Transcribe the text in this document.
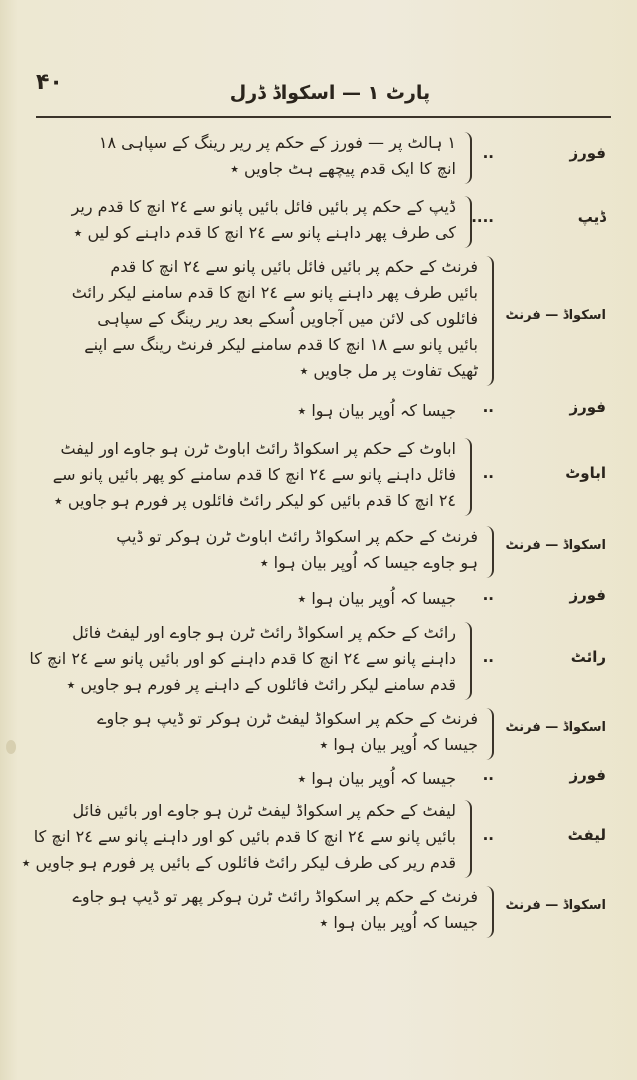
۴۰	پارٹ ١ — اسکواڈ ڈرل
فورز
..
١ ہالٹ پر — فورز کے حکم پر ریر رینگ کے سپاہی ١٨
انچ کا ایک قدم پیچھے ہٹ جاویں ٭
ڈیپ
....
ڈیپ کے حکم پر بائیں فائل بائیں پانو سے ٢٤ انچ کا قدم ریر
کی طرف پھر داہنے پانو سے ٢٤ انچ کا قدم داہنے کو لیں ٭
اسکواڈ — فرنٹ
فرنٹ کے حکم پر بائیں فائل بائیں پانو سے ٢٤ انچ کا قدم
بائیں طرف پھر داہنے پانو سے ٢٤ انچ کا قدم سامنے لیکر رائٹ
فائلوں کی لائن میں آجاویں اُسکے بعد ریر رینگ کے سپاہی
بائیں پانو سے ١٨ انچ کا قدم سامنے لیکر فرنٹ رینگ سے اپنے
ٹھیک تفاوت پر مل جاویں ٭
فورز
..
جیسا کہ اُوپر بیان ہوا ٭
اباوٹ
..
اباوٹ کے حکم پر اسکواڈ رائٹ اباوٹ ٹرن ہو جاوے اور لیفٹ
فائل داہنے پانو سے ٢٤ انچ کا قدم سامنے کو پھر بائیں پانو سے
٢٤ انچ کا قدم بائیں کو لیکر رائٹ فائلوں پر فورم ہو جاویں ٭
اسکواڈ — فرنٹ
فرنٹ کے حکم پر اسکواڈ رائٹ اباوٹ ٹرن ہوکر تو ڈیپ
ہو جاوے جیسا کہ اُوپر بیان ہوا ٭
فورز
..
جیسا کہ اُوپر بیان ہوا ٭
رائٹ
..
رائٹ کے حکم پر اسکواڈ رائٹ ٹرن ہو جاوے اور لیفٹ فائل
داہنے پانو سے ٢٤ انچ کا قدم داہنے کو اور بائیں پانو سے ٢٤ انچ کا
قدم سامنے لیکر رائٹ فائلوں کے داہنے پر فورم ہو جاویں ٭
اسکواڈ — فرنٹ
فرنٹ کے حکم پر اسکواڈ لیفٹ ٹرن ہوکر تو ڈیپ ہو جاوے
جیسا کہ اُوپر بیان ہوا ٭
فورز
..
جیسا کہ اُوپر بیان ہوا ٭
لیفٹ
..
لیفٹ کے حکم پر اسکواڈ لیفٹ ٹرن ہو جاوے اور بائیں فائل
بائیں پانو سے ٢٤ انچ کا قدم بائیں کو اور داہنے پانو سے ٢٤ انچ کا
قدم ریر کی طرف لیکر رائٹ فائلوں کے بائیں پر فورم ہو جاویں ٭
اسکواڈ — فرنٹ
فرنٹ کے حکم پر اسکواڈ رائٹ ٹرن ہوکر پھر تو ڈیپ ہو جاوے
جیسا کہ اُوپر بیان ہوا ٭
